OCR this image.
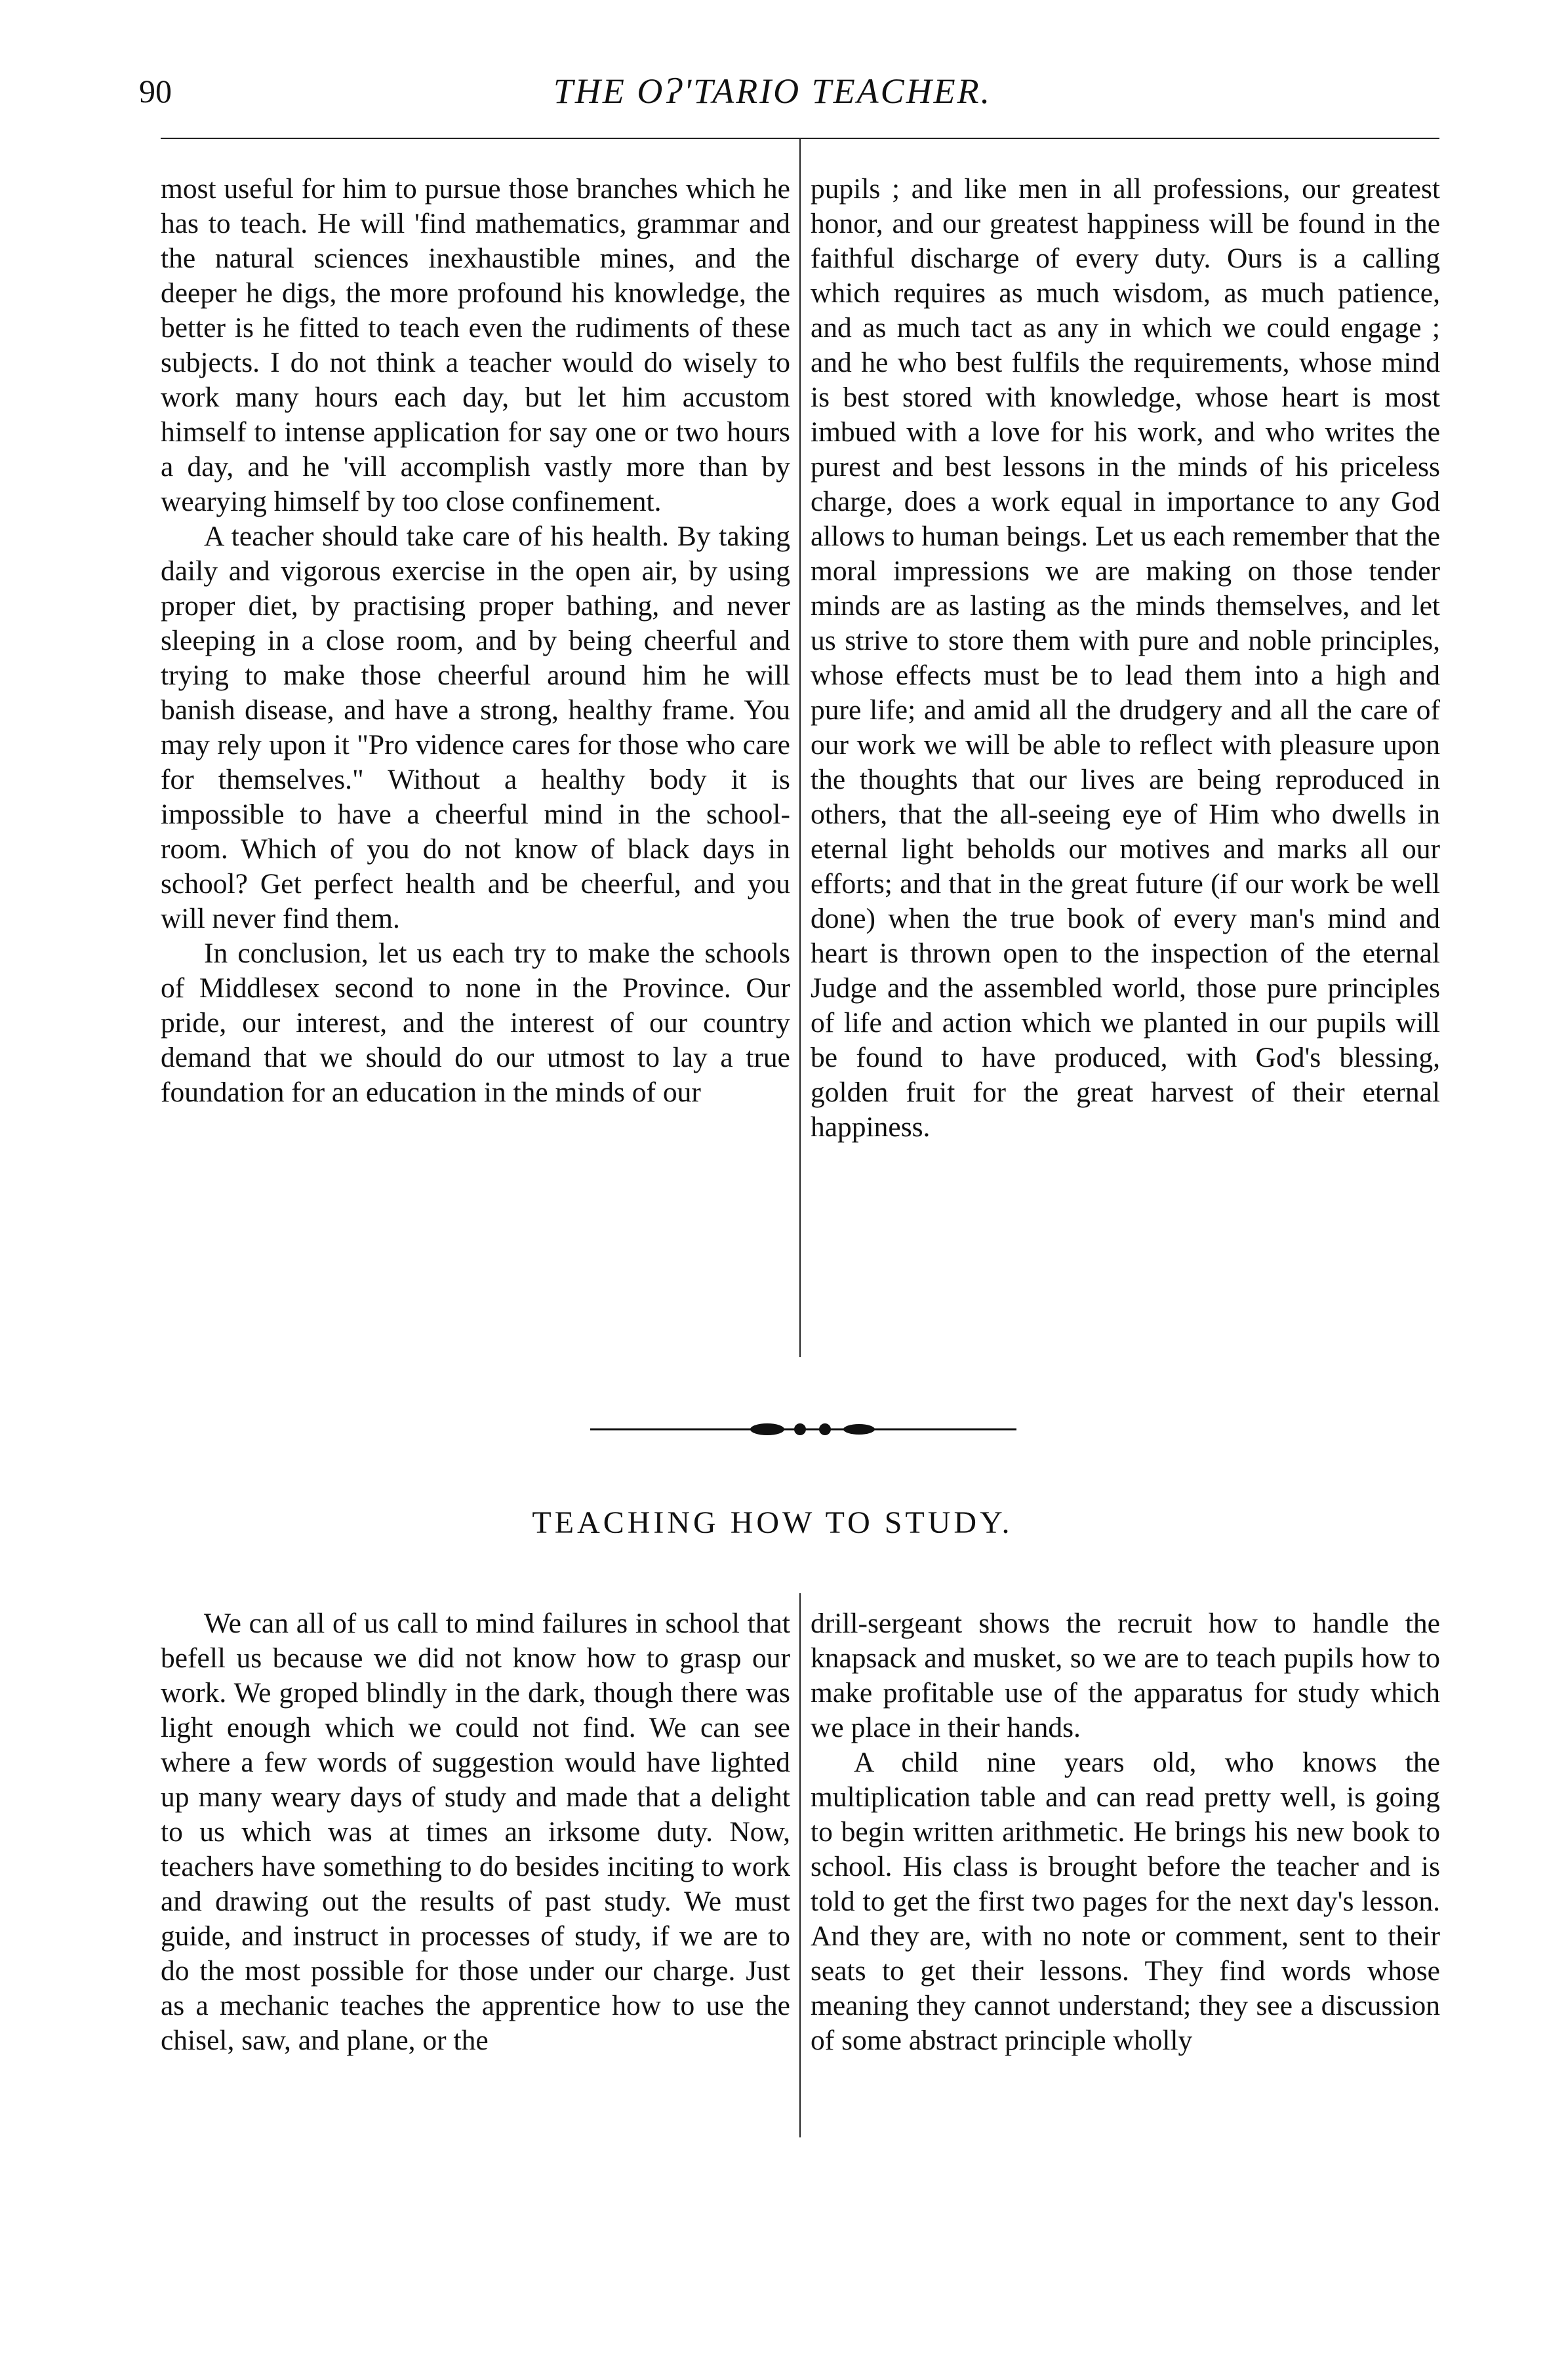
90	THE OɁ'TARIO TEACHER.

most useful for him to pursue those branches which he has to teach. He will 'find mathematics, grammar and the natural sciences inexhaustible mines, and the deeper he digs, the more profound his knowledge, the better is he fitted to teach even the rudiments of these subjects. I do not think a teacher would do wisely to work many hours each day, but let him accustom himself to intense application for say one or two hours a day, and he 'vill accomplish vastly more than by wearying himself by too close confinement.

A teacher should take care of his health. By taking daily and vigorous exercise in the open air, by using proper diet, by practising proper bathing, and never sleeping in a close room, and by being cheerful and trying to make those cheerful around him he will banish disease, and have a strong, healthy frame. You may rely upon it "Pro vidence cares for those who care for themselves." Without a healthy body it is impossible to have a cheerful mind in the school-room. Which of you do not know of black days in school? Get perfect health and be cheerful, and you will never find them.

In conclusion, let us each try to make the schools of Middlesex second to none in the Province. Our pride, our interest, and the interest of our country demand that we should do our utmost to lay a true foundation for an education in the minds of our

pupils ; and like men in all professions, our greatest honor, and our greatest happiness will be found in the faithful discharge of every duty. Ours is a calling which requires as much wisdom, as much patience, and as much tact as any in which we could engage ; and he who best fulfils the requirements, whose mind is best stored with knowledge, whose heart is most imbued with a love for his work, and who writes the purest and best lessons in the minds of his priceless charge, does a work equal in importance to any God allows to human beings. Let us each remember that the moral impressions we are making on those tender minds are as lasting as the minds themselves, and let us strive to store them with pure and noble principles, whose effects must be to lead them into a high and pure life; and amid all the drudgery and all the care of our work we will be able to reflect with pleasure upon the thoughts that our lives are being reproduced in others, that the all-seeing eye of Him who dwells in eternal light beholds our motives and marks all our efforts; and that in the great future (if our work be well done) when the true book of every man's mind and heart is thrown open to the inspection of the eternal Judge and the assembled world, those pure principles of life and action which we planted in our pupils will be found to have produced, with God's blessing, golden fruit for the great harvest of their eternal happiness.

TEACHING HOW TO STUDY.

We can all of us call to mind failures in school that befell us because we did not know how to grasp our work. We groped blindly in the dark, though there was light enough which we could not find. We can see where a few words of suggestion would have lighted up many weary days of study and made that a delight to us which was at times an irksome duty. Now, teachers have something to do besides inciting to work and drawing out the results of past study. We must guide, and instruct in processes of study, if we are to do the most possible for those under our charge. Just as a mechanic teaches the apprentice how to use the chisel, saw, and plane, or the

drill-sergeant shows the recruit how to handle the knapsack and musket, so we are to teach pupils how to make profitable use of the apparatus for study which we place in their hands.

A child nine years old, who knows the multiplication table and can read pretty well, is going to begin written arithmetic. He brings his new book to school. His class is brought before the teacher and is told to get the first two pages for the next day's lesson. And they are, with no note or comment, sent to their seats to get their lessons. They find words whose meaning they cannot understand; they see a discussion of some abstract principle wholly
